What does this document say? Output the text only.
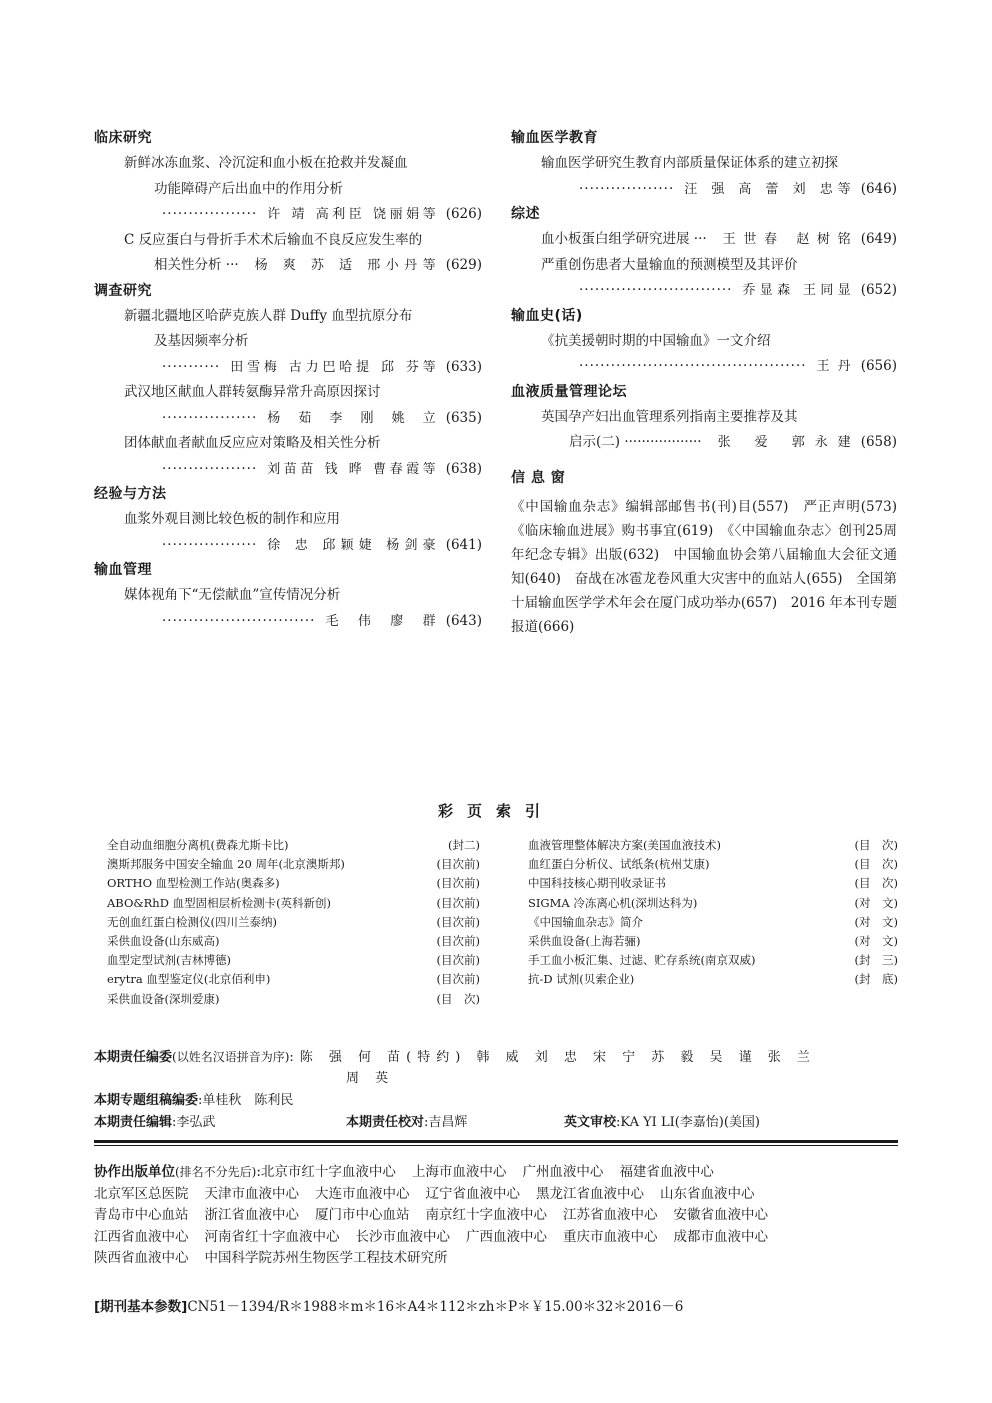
临床研究
新鲜冰冻血浆、冷沉淀和血小板在抢救并发凝血
功能障碍产后出血中的作用分析
·················· 许 靖 高利臣 饶丽娟等 (626)
C 反应蛋白与骨折手术术后输血不良反应发生率的
相关性分析 ···	杨 爽 苏 适 邢小丹等 (629)
调查研究
新疆北疆地区哈萨克族人群 Duffy 血型抗原分布
及基因频率分析
··········· 田雪梅 古力巴哈提 邱 芬等 (633)
武汉地区献血人群转氨酶异常升高原因探讨
·················· 杨 茹 李 刚 姚 立 (635)
团体献血者献血反应应对策略及相关性分析
·················· 刘苗苗 钱 晔 曹春霞等 (638)
经验与方法
血浆外观目测比较色板的制作和应用
·················· 徐 忠 邱颖婕 杨剑豪 (641)
输血管理
媒体视角下“无偿献血”宣传情况分析
····························· 毛 伟 廖 群 (643)
输血医学教育
输血医学研究生教育内部质量保证体系的建立初探
·················· 汪 强 高 蕾 刘 忠等 (646)
综述
血小板蛋白组学研究进展 ···	王世春 赵树铭 (649)
严重创伤患者大量输血的预测模型及其评价
····························· 乔显森 王同显 (652)
输血史(话)
《抗美援朝时期的中国输血》一文介绍
··········································· 王 丹 (656)
血液质量管理论坛
英国孕产妇出血管理系列指南主要推荐及其
启示(二) ··················	张 爱 郭永建 (658)
信 息 窗
《中国输血杂志》编辑部邮售书(刊)目(557)　严正声明(573)　《临床输血进展》购书事宜(619)　《〈中国输血杂志〉创刊25周年纪念专辑》出版(632)　中国输血协会第八届输血大会征文通知(640)　奋战在冰雹龙卷风重大灾害中的血站人(655)　全国第十届输血医学学术年会在厦门成功举办(657)　2016 年本刊专题报道(666)
彩页索引
全自动血细胞分离机(费森尤斯卡比)	(封二)
澳斯邦服务中国安全输血 20 周年(北京澳斯邦)	(目次前)
ORTHO 血型检测工作站(奥森多)	(目次前)
ABO&RhD 血型固相层析检测卡(英科新创)	(目次前)
无创血红蛋白检测仪(四川兰泰纳)	(目次前)
采供血设备(山东威高)	(目次前)
血型定型试剂(吉林博德)	(目次前)
erytra 血型鉴定仪(北京佰利申)	(目次前)
采供血设备(深圳爱康)	(目　次)
血液管理整体解决方案(美国血液技术)	(目　次)
血红蛋白分析仪、试纸条(杭州艾康)	(目　次)
中国科技核心期刊收录证书	(目　次)
SIGMA 冷冻离心机(深圳达科为)	(对　文)
《中国输血杂志》简介	(对　文)
采供血设备(上海若骊)	(对　文)
手工血小板汇集、过滤、贮存系统(南京双威)	(封　三)
抗-D 试剂(贝索企业)	(封　底)
本期责任编委(以姓名汉语拼音为序):陈 强 何 苗(特约) 韩 威 刘 忠 宋 宁 苏 毅 吴 谨 张 兰
周 英
本期专题组稿编委:单桂秋　陈利民
本期责任编辑:李弘武	本期责任校对:吉昌辉	英文审校:KA YI LI(李嘉怡)(美国)
协作出版单位(排名不分先后):北京市红十字血液中心 上海市血液中心 广州血液中心 福建省血液中心
北京军区总医院 天津市血液中心 大连市血液中心 辽宁省血液中心 黑龙江省血液中心 山东省血液中心
青岛市中心血站 浙江省血液中心 厦门市中心血站 南京红十字血液中心 江苏省血液中心 安徽省血液中心
江西省血液中心 河南省红十字血液中心 长沙市血液中心 广西血液中心 重庆市血液中心 成都市血液中心
陕西省血液中心 中国科学院苏州生物医学工程技术研究所
[期刊基本参数]CN51－1394/R＊1988＊m＊16＊A4＊112＊zh＊P＊￥15.00＊32＊2016－6
